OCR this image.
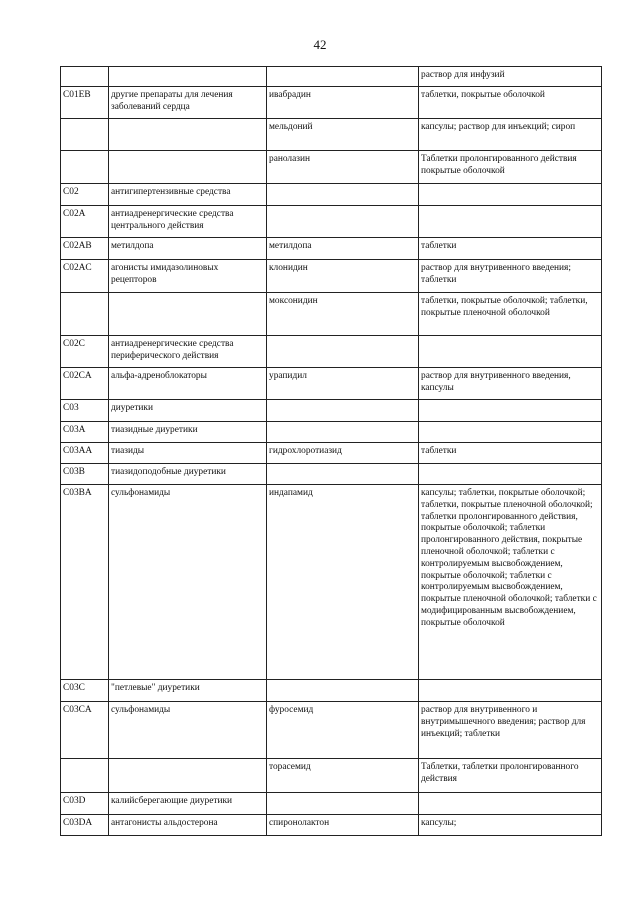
42
			раствор для инфузий
C01EB	другие препараты для лечения заболеваний сердца	ивабрадин	таблетки, покрытые оболочкой
		мельдоний	капсулы; раствор для инъекций; сироп
		ранолазин	Таблетки пролонгированного действия покрытые оболочкой
C02	антигипертензивные средства		
C02A	антиадренергические средства центрального действия		
C02AB	метилдопа	метилдопа	таблетки
C02AC	агонисты имидазолиновых рецепторов	клонидин	раствор для внутривенного введения; таблетки
		моксонидин	таблетки, покрытые оболочкой; таблетки, покрытые пленочной оболочкой
C02C	антиадренергические средства периферического действия		
C02CA	альфа-адреноблокаторы	урапидил	раствор для внутривенного введения, капсулы
C03	диуретики		
C03A	тиазидные диуретики		
C03AA	тиазиды	гидрохлоротиазид	таблетки
C03B	тиазидоподобные диуретики		
C03BA	сульфонамиды	индапамид	капсулы; таблетки, покрытые оболочкой; таблетки, покрытые пленочной оболочкой; таблетки пролонгированного действия, покрытые оболочкой; таблетки пролонгированного действия, покрытые пленочной оболочкой; таблетки с контролируемым высвобождением, покрытые оболочкой; таблетки с контролируемым высвобождением, покрытые пленочной оболочкой; таблетки с модифицированным высвобождением, покрытые оболочкой
C03C	"петлевые" диуретики		
C03CA	сульфонамиды	фуросемид	раствор для внутривенного и внутримышечного введения; раствор для инъекций; таблетки
		торасемид	Таблетки, таблетки пролонгированного действия
C03D	калийсберегающие диуретики		
C03DA	антагонисты альдостерона	спиронолактон	капсулы;
